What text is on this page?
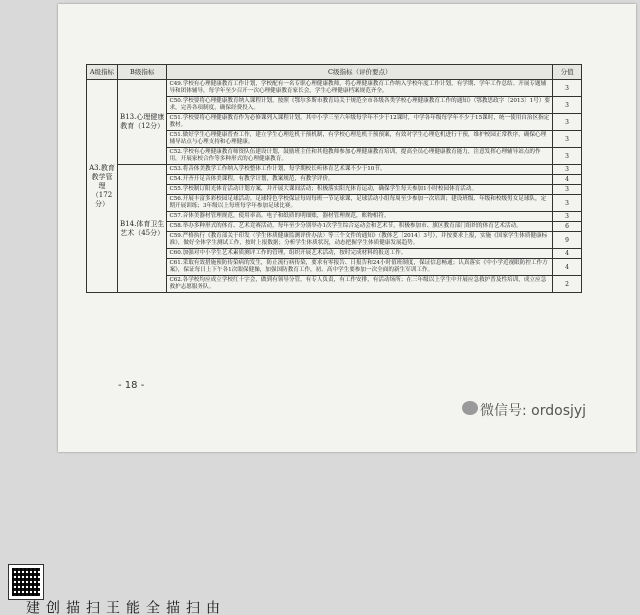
由 扫描全能王 扫描创建
A级指标	B级指标	C级指标（评价要点）	分值
A3.教育教学管理（172分）	B13.心理健康教育（12分）	C49.学校有心理健康教育工作计划，学校配有一名专职心理健康教师，将心理健康教育工作纳入学校年度工作计划，有学期、学年工作总结。开展专题辅导和团体辅导，每学年至少召开一次心理健康教育家长会，学生心理健康档案规范齐全。	3
		C50.学校要将心理健康教育纳入课程计划，按照《鄂尔多斯市教育局关于规范全市各级各类学校心理健康教育工作的通知》（鄂教思政字〔2013〕1号）要求，完善各项制度，确保经费投入。	3
		C51.学校要将心理健康教育作为必修课列入课程计划，其中小学三至六年级每学年不少于12课时，中学各年级每学年不少于15课时，统一使用自治区指定教材。	3
		C51.做好学生心理健康普查工作，建立学生心理危机干预机制，有学校心理危机干预预案，有效对学生心理危机进行干预，维护校园正常秩序，确保心理辅导站点与心理支持和心理健康。	3
		C52.学校有心理健康教育师资队伍建设计划，鼓励班主任和其他教师参加心理健康教育培训，提高全员心理健康教育能力，注意发挥心理辅导站点的作用，开展家校合作等多种形式的心理健康教育。	3
	B14.体育卫生艺术（45分）	C53.将音体美教学工作纳入学校整体工作计划，每学期校长听体育艺术课不少于10节。	3
		C54.开齐开足音体美课程，有教学计划，教案规范，有教学评价。	4
		C55.学校制订阳光体育活动计划方案，并开展大课间活动；积极落实阳光体育运动，确保学生每天参加1小时校园体育活动。	3
		C56.开展丰富多彩校园足球活动。足球特色学校保证每周每班一节足球课，足球活动小组每周至少参加一次培训；建设班级、年级和校级男女足球队，定期开展训练；3年级以上每班每学年参加足球比赛。	3
		C57.音体美器材管理规范，使用率高。电子和纸质的明细账，器材管理规范，账物相符。	3
		C58.举办多种形式的体育、艺术竞赛活动，每年至少分别举办1次学生综合运动会和艺术节，积极参加市、旗区教育部门组织的体育艺术活动。	6
		C59.严格执行《教育部关于印发〈学生体质健康监测评价办法〉等三个文件的通知》（教体艺〔2014〕3号），并按要求上报，实施《国家学生体质健康标准》，做好全体学生测试工作，按时上报数据；分析学生体质状况，动态把握学生体质健康发展趋势。	9
		C60.加强对中小学生艺术素质测评工作的管理，组织开展艺术活动，按时完成材料的报送工作。	4
		C61.采取有效措施预防传染病的发生，防止流行病传染，要求有零报告、日报告和24小时值班制度，保证信息畅通；认真落实《中小学近视眼防控工作方案》，保证每日上下午各1次眼保健操，加强国防教育工作，初、高中学生要参加一次全面的新生军训工作。	4
		C62.各学校均应成立学校红十字会，做到有领导分管，有专人负责，有工作安排，有活动场所；在三年级以上学生中开展应急救护普及性培训，成立应急救护志愿服务队。	2
- 18 -
微信号: ordosjyj
